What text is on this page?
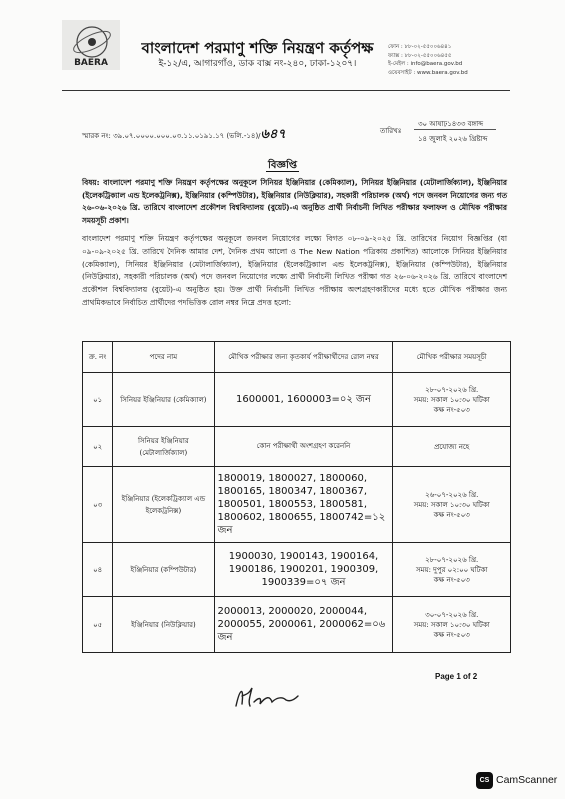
BAERA
বাংলাদেশ পরমাণু শক্তি নিয়ন্ত্রণ কর্তৃপক্ষ
ই-১২/এ, আগারগাঁও, ডাক বাক্স নং-২৪০, ঢাকা-১২০৭।
ফোন : ৮৮-০২-৫৫০০৬৪৪১
ফ্যাক্স : ৮৮-০২-৫৫০০৬৪৫৫
ই-মেইল : info@baera.gov.bd
ওয়েবসাইট : www.baera.gov.bd
স্মারক নং: ৩৯.০৭.০০০০.০০০.০৩.১১.০১৯১.১৭ (ভলি.-১৪)/৬৪৭	তারিখঃ
৩০ আষাঢ়১৪৩৩ বঙ্গাব্দ
১৪ জুলাই ২০২৬ খ্রিষ্টাব্দ
বিজ্ঞপ্তি
বিষয়: বাংলাদেশ পরমাণু শক্তি নিয়ন্ত্রণ কর্তৃপক্ষের অনুকূলে সিনিয়র ইঞ্জিনিয়ার (কেমিক্যাল), সিনিয়র ইঞ্জিনিয়ার (মেটালার্জিক্যাল), ইঞ্জিনিয়ার (ইলেকট্রিক্যাল এন্ড ইলেকট্রনিক্স), ইঞ্জিনিয়ার (কম্পিউটার), ইঞ্জিনিয়ার (নিউক্লিয়ার), সহকারী পরিচালক (অর্থ) পদে জনবল নিয়োগের জন্য গত ২৬-০৬-২০২৬ খ্রি. তারিখে বাংলাদেশ প্রকৌশল বিশ্ববিদ্যালয় (বুয়েট)-এ অনুষ্ঠিত প্রার্থী নির্বাচনী লিখিত পরীক্ষার ফলাফল ও মৌখিক পরীক্ষার সময়সূচী প্রকাশ।
বাংলাদেশ পরমাণু শক্তি নিয়ন্ত্রণ কর্তৃপক্ষের অনুকূলে জনবল নিয়োগের লক্ষ্যে বিগত ০৮-০৯-২০২৫ খ্রি. তারিখের নিয়োগ বিজ্ঞপ্তির (যা ০৯-০৯-২০২৫ খ্রি. তারিখে দৈনিক আমার দেশ, দৈনিক প্রথম আলো ও The New Nation পত্রিকায় প্রকাশিত) আলোকে সিনিয়র ইঞ্জিনিয়ার (কেমিক্যাল), সিনিয়র ইঞ্জিনিয়ার (মেটালার্জিক্যাল), ইঞ্জিনিয়ার (ইলেকট্রিক্যাল এন্ড ইলেকট্রনিক্স), ইঞ্জিনিয়ার (কম্পিউটার), ইঞ্জিনিয়ার (নিউক্লিয়ার), সহকারী পরিচালক (অর্থ) পদে জনবল নিয়োগের লক্ষ্যে প্রার্থী নির্বাচনী লিখিত পরীক্ষা গত ২৬-০৬-২০২৬ খ্রি. তারিখে বাংলাদেশ প্রকৌশল বিশ্ববিদ্যালয় (বুয়েট)-এ অনুষ্ঠিত হয়। উক্ত প্রার্থী নির্বাচনী লিখিত পরীক্ষায় অংশগ্রহণকারীদের মধ্যে হতে মৌখিক পরীক্ষার জন্য প্রাথমিকভাবে নির্বাচিত প্রার্থীদের পদভিত্তিক রোল নম্বর নিম্নে প্রদত্ত হলো:
ক্র. নং	পদের নাম	মৌখিক পরীক্ষার জন্য কৃতকার্য পরীক্ষার্থীদের রোল নম্বর	মৌখিক পরীক্ষার সময়সূচী
০১	সিনিয়র ইঞ্জিনিয়ার (কেমিক্যাল)	1600001, 1600003=০২ জন	২৮-০৭-২০২৬ খ্রি.
সময়: সকাল ১০:৩০ ঘটিকা
কক্ষ নং-৫০৩

০২	সিনিয়র ইঞ্জিনিয়ার (মেটালার্জিক্যাল)	কোন পরীক্ষার্থী অংশগ্রহণ করেননি	প্রযোজ্য নহে

০৩	ইঞ্জিনিয়ার (ইলেকট্রিক্যাল এন্ড ইলেকট্রনিক্স)	1800019, 1800027, 1800060, 1800165, 1800347, 1800367, 1800501, 1800553, 1800581, 1800602, 1800655, 1800742=১২ জন	২৬-০৭-২০২৬ খ্রি.
সময়: সকাল ১০:৩০ ঘটিকা
কক্ষ নং-৫০৩

০৪	ইঞ্জিনিয়ার (কম্পিউটার)	1900030, 1900143, 1900164, 1900186, 1900201, 1900309, 1900339=০৭ জন	২৮-০৭-২০২৬ খ্রি.
সময়: দুপুর ০২:০০ ঘটিকা
কক্ষ নং-৫০৩

০৫	ইঞ্জিনিয়ার (নিউক্লিয়ার)	2000013, 2000020, 2000044, 2000055, 2000061, 2000062=০৬ জন	৩০-০৭-২০২৬ খ্রি.
সময়: সকাল ১০:৩০ ঘটিকা
কক্ষ নং-৫০৩
Page 1 of 2
CS CamScanner
